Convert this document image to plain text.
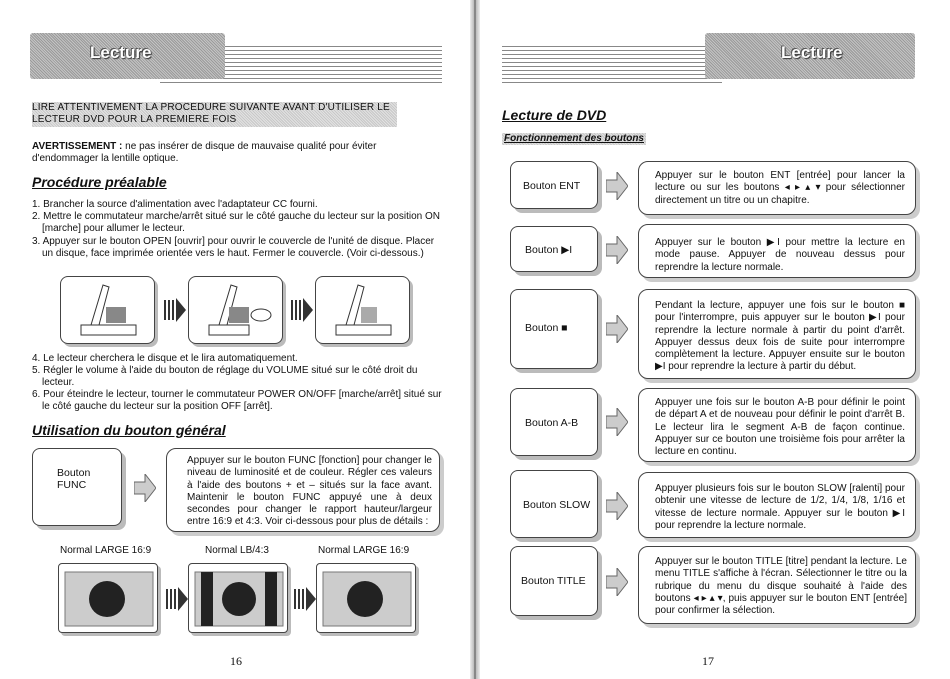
Lecture
LIRE ATTENTIVEMENT LA PROCEDURE SUIVANTE AVANT D'UTILISER LE LECTEUR DVD POUR LA PREMIERE FOIS
AVERTISSEMENT : ne pas insérer de disque de mauvaise qualité pour éviter d'endommager la lentille optique.
Procédure préalable
1. Brancher la source d'alimentation avec l'adaptateur CC fourni.
2. Mettre le commutateur marche/arrêt situé sur le côté gauche du lecteur sur la position ON [marche] pour allumer le lecteur.
3. Appuyer sur le bouton OPEN [ouvrir] pour ouvrir le couvercle de l'unité de disque. Placer un disque, face imprimée orientée vers le haut. Fermer le couvercle. (Voir ci-dessous.)
4. Le lecteur cherchera le disque et le lira automatiquement.
5. Régler le volume à l'aide du bouton de réglage du VOLUME situé sur le côté droit du lecteur.
6. Pour éteindre le lecteur, tourner le commutateur POWER ON/OFF [marche/arrêt] situé sur le côté gauche du lecteur sur la position OFF [arrêt].
Utilisation du bouton général
Bouton FUNC
Appuyer sur le bouton FUNC [fonction] pour changer le niveau de luminosité et de couleur. Régler ces valeurs à l'aide des boutons + et – situés sur la face avant. Maintenir le bouton FUNC appuyé une à deux secondes pour changer le rapport hauteur/largeur entre 16:9 et 4:3. Voir ci-dessous pour plus de détails :
Normal LARGE 16:9	Normal LB/4:3	Normal LARGE 16:9
16
Lecture
Lecture de DVD
Fonctionnement des boutons
Bouton ENT
Appuyer sur le bouton ENT [entrée] pour lancer la lecture ou sur les boutons ◂ ▸ ▴ ▾ pour sélectionner directement un titre ou un chapitre.
Bouton ▶I
Appuyer sur le bouton ▶I pour mettre la lecture en mode pause. Appuyer de nouveau dessus pour reprendre la lecture normale.
Bouton ■
Pendant la lecture, appuyer une fois sur le bouton ■ pour l'interrompre, puis appuyer sur le bouton ▶I pour reprendre la lecture normale à partir du point d'arrêt. Appuyer dessus deux fois de suite pour interrompre complètement la lecture. Appuyer ensuite sur le bouton ▶I pour reprendre la lecture à partir du début.
Bouton A-B
Appuyer une fois sur le bouton A-B pour définir le point de départ A et de nouveau pour définir le point d'arrêt B. Le lecteur lira le segment A-B de façon continue. Appuyer sur ce bouton une troisième fois pour arrêter la lecture en continu.
Bouton SLOW
Appuyer plusieurs fois sur le bouton SLOW [ralenti] pour obtenir une vitesse de lecture de 1/2, 1/4, 1/8, 1/16 et vitesse de lecture normale. Appuyer sur le bouton ▶I pour reprendre la lecture normale.
Bouton TITLE
Appuyer sur le bouton TITLE [titre] pendant la lecture. Le menu TITLE s'affiche à l'écran. Sélectionner le titre ou la rubrique du menu du disque souhaité à l'aide des boutons ◂ ▸ ▴ ▾, puis appuyer sur le bouton ENT [entrée] pour confirmer la sélection.
17
